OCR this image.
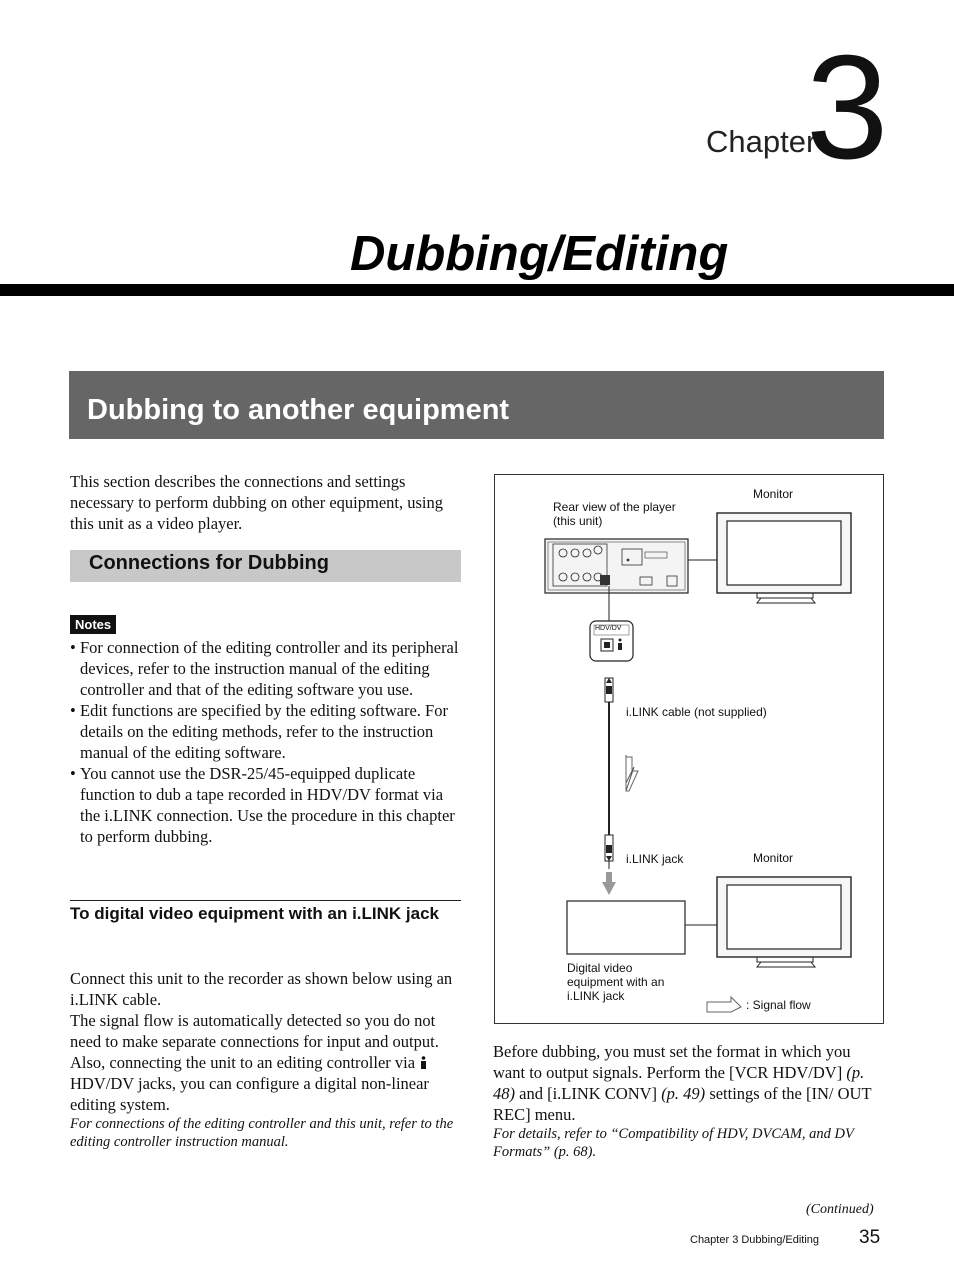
Chapter
3
Dubbing/Editing
Dubbing to another equipment
This section describes the connections and settings necessary to perform dubbing on other equipment, using this unit as a video player.
Connections for Dubbing
Notes
• For connection of the editing controller and its peripheral devices, refer to the instruction manual of the editing controller and that of the editing software you use.
• Edit functions are specified by the editing software. For details on the editing methods, refer to the instruction manual of the editing software.
• You cannot use the DSR-25/45-equipped duplicate function to dub a tape recorded in HDV/DV format via the i.LINK connection. Use the procedure in this chapter to perform dubbing.
To digital video equipment with an i.LINK jack
Connect this unit to the recorder as shown below using an i.LINK cable.
The signal flow is automatically detected so you do not need to make separate connections for input and output. Also, connecting the unit to an editing controller via  HDV/DV jacks, you can configure a digital non-linear editing system.
For connections of the editing controller and this unit, refer to the editing controller instruction manual.
Rear view of the player
(this unit)
Monitor
HDV/DV
i.LINK cable (not supplied)
i.LINK jack	Monitor
Digital video
equipment with an
i.LINK jack
: Signal flow
Before dubbing, you must set the format in which you want to output signals. Perform the [VCR HDV/DV] (p. 48) and [i.LINK CONV] (p. 49) settings of the [IN/ OUT REC] menu.
For details, refer to “Compatibility of HDV, DVCAM, and DV Formats” (p. 68).
(Continued)
Chapter 3 Dubbing/Editing 35
